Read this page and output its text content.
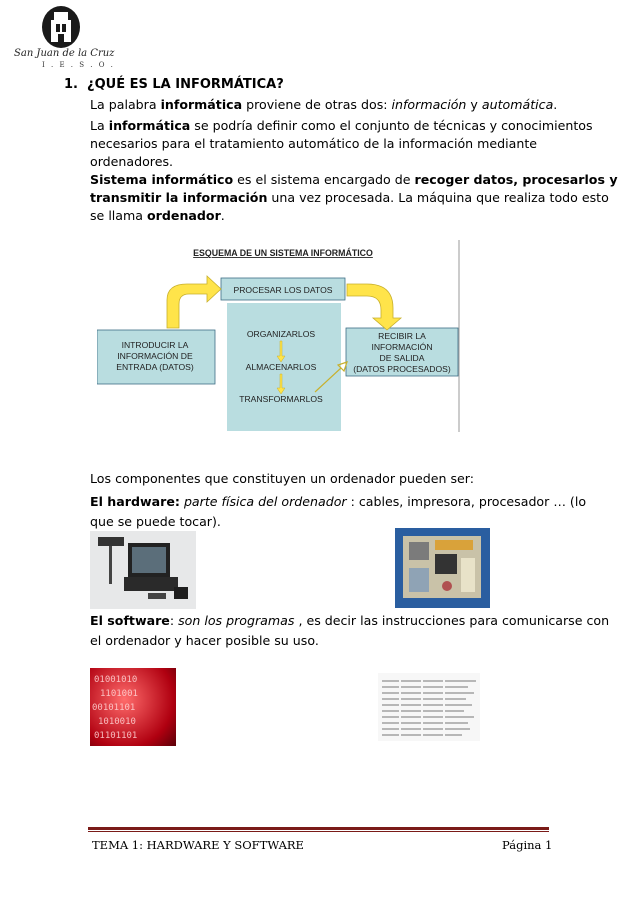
San Juan de la Cruz
I . E . S . O .
1. ¿QUÉ ES LA INFORMÁTICA?
La palabra informática proviene de otras dos: información y automática.
La informática se podría definir como el conjunto de técnicas y conocimientos
necesarios para el tratamiento automático de la información mediante
ordenadores.
Sistema informático es el sistema encargado de recoger datos, procesarlos y
transmitir la información una vez procesada. La máquina que realiza todo esto
se llama ordenador.
ESQUEMA DE UN SISTEMA INFORMÁTICO
PROCESAR LOS DATOS
INTRODUCIR LA
INFORMACIÓN DE
ENTRADA (DATOS)
RECIBIR LA
INFORMACIÓN
DE SALIDA
(DATOS PROCESADOS)
ORGANIZARLOS
ALMACENARLOS
TRANSFORMARLOS
Los componentes que constituyen un ordenador pueden ser:
El hardware: parte física del ordenador : cables, impresora, procesador … (lo
que se puede tocar).
El software: son los programas , es decir las instrucciones para comunicarse con
el ordenador y hacer posible su uso.
01001010
1101001
00101101
1010010
01101101
TEMA 1: HARDWARE Y SOFTWARE	Página 1
